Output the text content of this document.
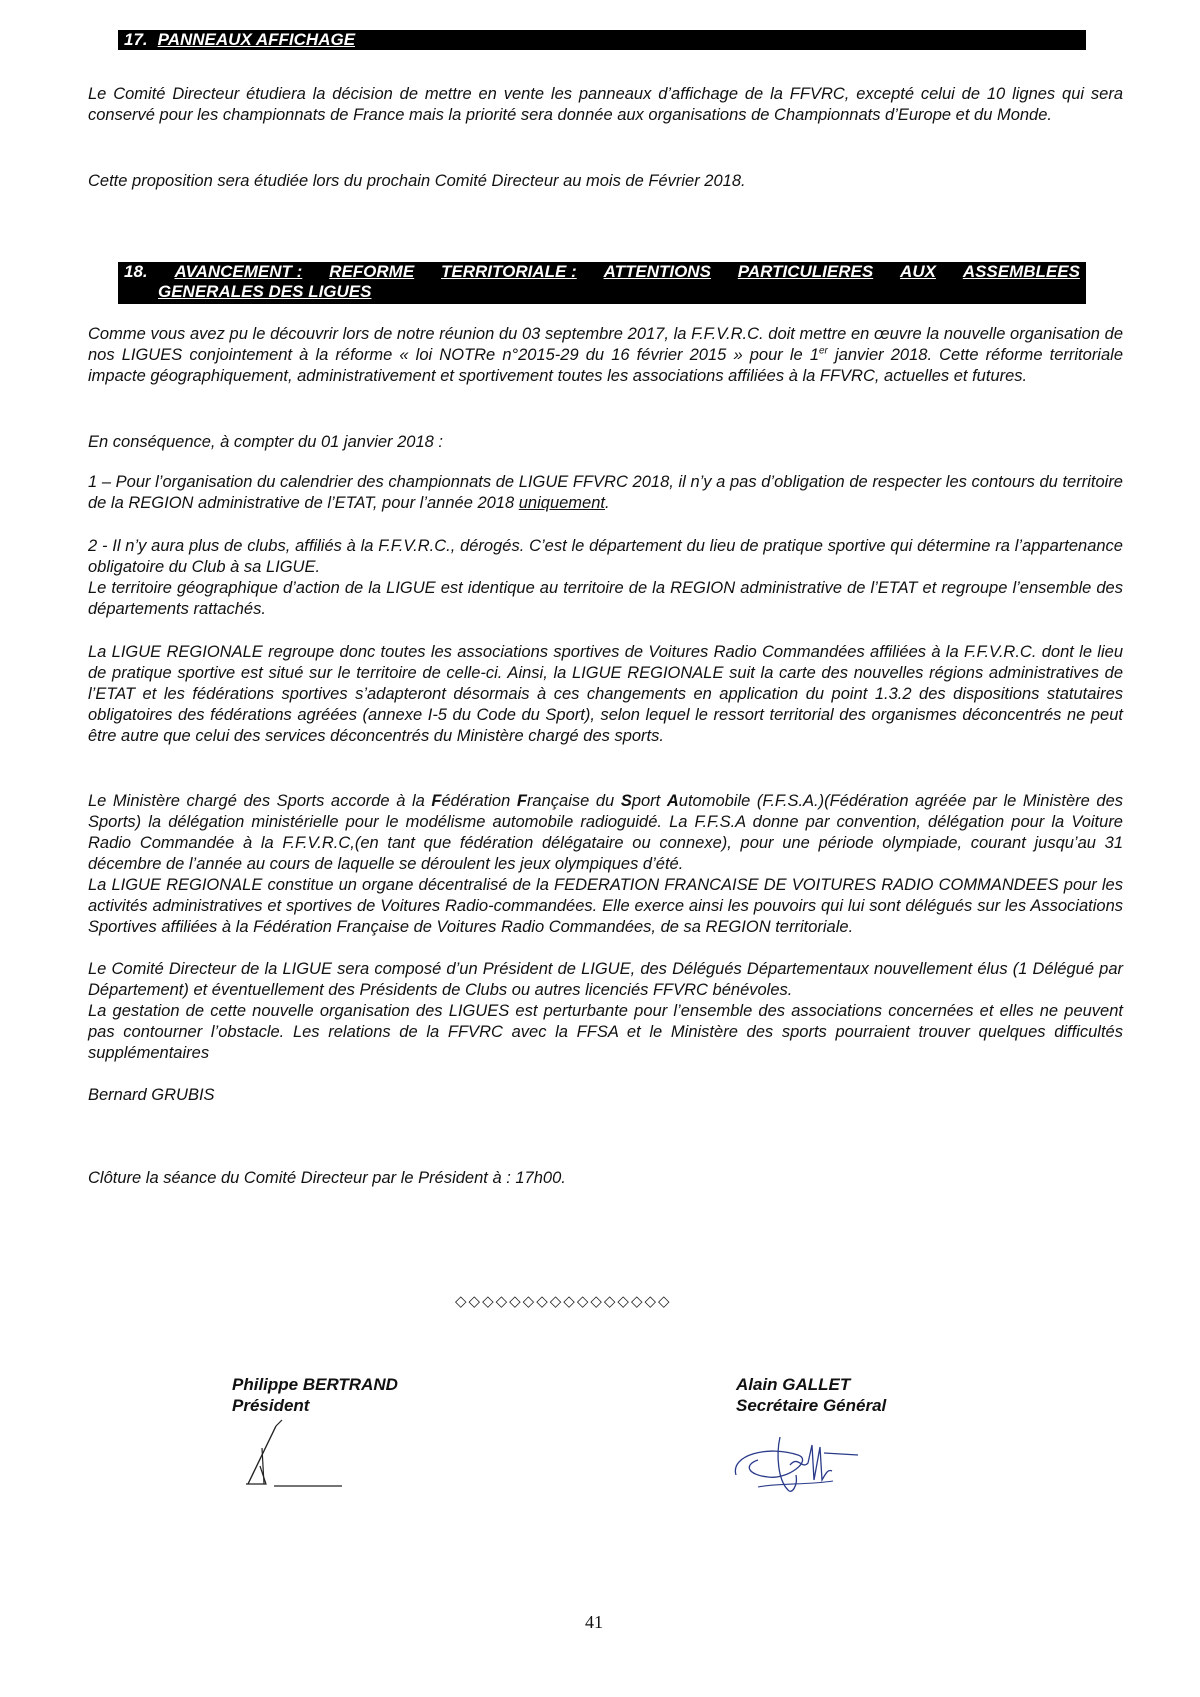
17. PANNEAUX AFFICHAGE

Le Comité Directeur étudiera la décision de mettre en vente les panneaux d’affichage de la FFVRC, excepté celui de 10 lignes qui sera conservé pour les championnats de France mais la priorité sera donnée aux organisations de Championnats d’Europe et du Monde.

Cette proposition sera étudiée lors du prochain Comité Directeur au mois de Février 2018.

18. AVANCEMENT : REFORME TERRITORIALE : ATTENTIONS PARTICULIERES AUX ASSEMBLEES
GENERALES DES LIGUES

Comme vous avez pu le découvrir lors de notre réunion du 03 septembre 2017, la F.F.V.R.C. doit mettre en œuvre la nouvelle organisation de nos LIGUES conjointement à la réforme « loi NOTRe n°2015-29 du 16 février 2015 » pour le 1er janvier 2018. Cette réforme territoriale impacte géographiquement, administrativement et sportivement toutes les associations affiliées à la FFVRC, actuelles et futures.

En conséquence, à compter du 01 janvier 2018 :

1 – Pour l’organisation du calendrier des championnats de LIGUE FFVRC 2018, il n’y a pas d’obligation de respecter les contours du territoire de la REGION administrative de l’ETAT, pour l’année 2018 uniquement.

2 - Il n’y aura plus de clubs, affiliés à la F.F.V.R.C., dérogés. C’est le département du lieu de pratique sportive qui détermine ra l’appartenance obligatoire du Club à sa LIGUE.

Le territoire géographique d’action de la LIGUE est identique au territoire de la REGION administrative de l’ETAT et regroupe l’ensemble des départements rattachés.

La LIGUE REGIONALE regroupe donc toutes les associations sportives de Voitures Radio Commandées affiliées à la F.F.V.R.C. dont le lieu de pratique sportive est situé sur le territoire de celle-ci. Ainsi, la LIGUE REGIONALE suit la carte des nouvelles régions administratives de l’ETAT et les fédérations sportives s’adapteront désormais à ces changements en application du point 1.3.2 des dispositions statutaires obligatoires des fédérations agréées (annexe I-5 du Code du Sport), selon lequel le ressort territorial des organismes déconcentrés ne peut être autre que celui des services déconcentrés du Ministère chargé des sports.

Le Ministère chargé des Sports accorde à la Fédération Française du Sport Automobile (F.F.S.A.)(Fédération agréée par le Ministère des Sports) la délégation ministérielle pour le modélisme automobile radioguidé. La F.F.S.A donne par convention, délégation pour la Voiture Radio Commandée à la F.F.V.R.C,(en tant que fédération délégataire ou connexe), pour une période olympiade, courant jusqu’au 31 décembre de l’année au cours de laquelle se déroulent les jeux olympiques d’été.

La LIGUE REGIONALE constitue un organe décentralisé de la FEDERATION FRANCAISE DE VOITURES RADIO COMMANDEES pour les activités administratives et sportives de Voitures Radio-commandées. Elle exerce ainsi les pouvoirs qui lui sont délégués sur les Associations Sportives affiliées à la Fédération Française de Voitures Radio Commandées, de sa REGION territoriale.

Le Comité Directeur de la LIGUE sera composé d’un Président de LIGUE, des Délégués Départementaux nouvellement élus (1 Délégué par Département) et éventuellement des Présidents de Clubs ou autres licenciés FFVRC bénévoles.

La gestation de cette nouvelle organisation des LIGUES est perturbante pour l’ensemble des associations concernées et elles ne peuvent pas contourner l’obstacle. Les relations de la FFVRC avec la FFSA et le Ministère des sports pourraient trouver quelques difficultés supplémentaires

Bernard GRUBIS

Clôture la séance du Comité Directeur par le Président à : 17h00.

◇◇◇◇◇◇◇◇◇◇◇◇◇◇◇◇
Philippe BERTRAND
Président
Alain GALLET
Secrétaire Général
41
